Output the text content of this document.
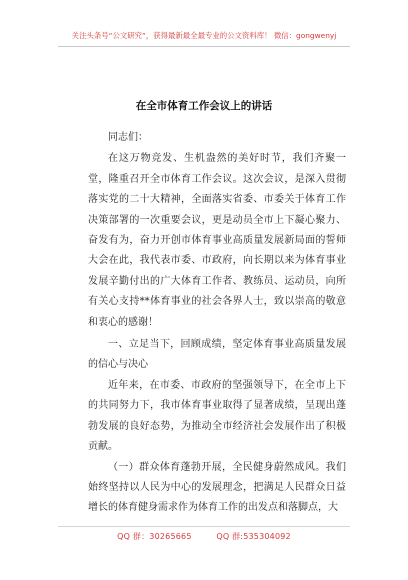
关注头条号“公文研究”，获得最新最全最专业的公文资料库！ 微信：gongwenyj
在全市体育工作会议上的讲话

同志们：

在这万物竞发、生机盎然的美好时节，我们齐聚一堂，隆重召开全市体育工作会议。这次会议，是深入贯彻落实党的二十大精神，全面落实省委、市委关于体育工作决策部署的一次重要会议，更是动员全市上下凝心聚力、奋发有为，奋力开创市体育事业高质量发展新局面的誓师大会在此，我代表市委、市政府，向长期以来为体育事业发展辛勤付出的广大体育工作者、教练员、运动员，向所有关心支持**体育事业的社会各界人士，致以崇高的敬意和衷心的感谢！

一、立足当下，回顾成绩，坚定体育事业高质量发展的信心与决心

近年来，在市委、市政府的坚强领导下，在全市上下的共同努力下，我市体育事业取得了显著成绩，呈现出蓬勃发展的良好态势，为推动全市经济社会发展作出了积极贡献。

（一）群众体育蓬勃开展，全民健身蔚然成风。我们始终坚持以人民为中心的发展理念，把满足人民群众日益增长的体育健身需求作为体育工作的出发点和落脚点，大

QQ 群：30265665	QQ 群:535304092
